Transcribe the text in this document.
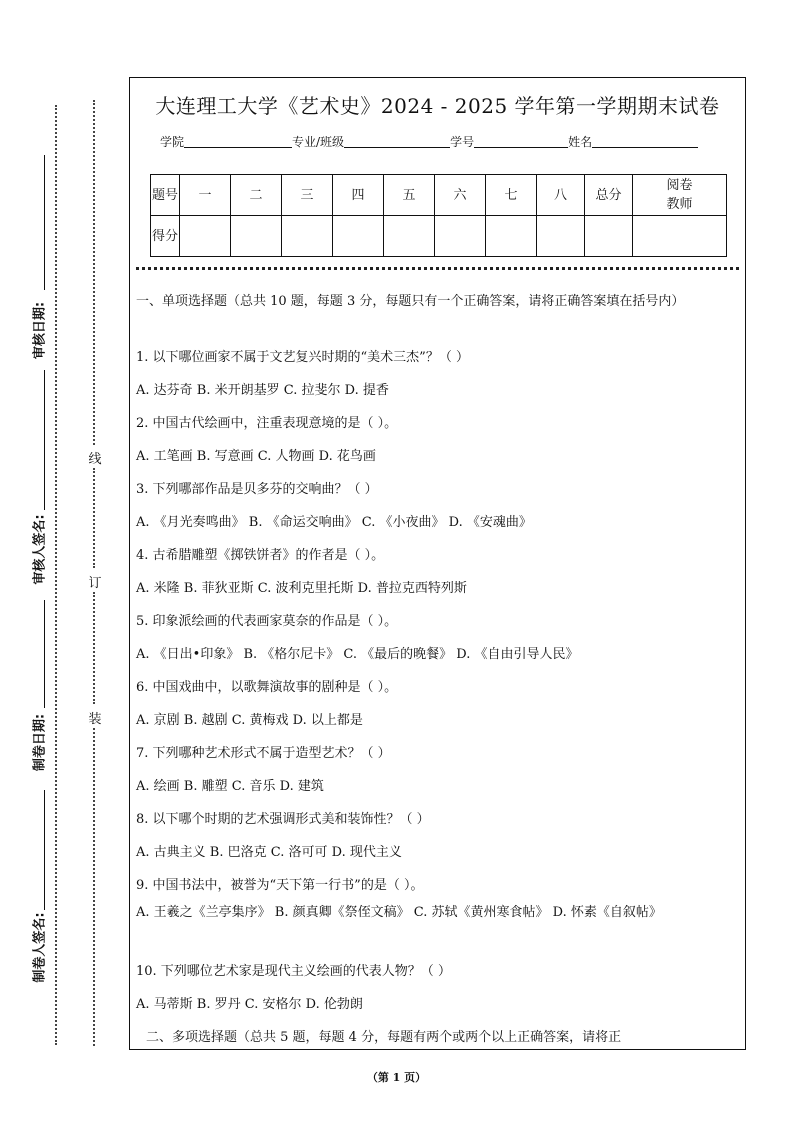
审核日期:
审核人签名:
制卷日期:
制卷人签名:
线
订
装
大连理工大学《艺术史》2024 - 2025 学年第一学期期末试卷
学院	专业/班级	学号	姓名
题号	一	二	三	四	五	六	七	八	总分	阅卷教师
得分										
一、单项选择题（总共 10 题，每题 3 分，每题只有一个正确答案，请将正确答案填在括号内）
1. 以下哪位画家不属于文艺复兴时期的“美术三杰”？（ ）
A. 达芬奇 B. 米开朗基罗 C. 拉斐尔 D. 提香
2. 中国古代绘画中，注重表现意境的是（ ）。
A. 工笔画 B. 写意画 C. 人物画 D. 花鸟画
3. 下列哪部作品是贝多芬的交响曲？（ ）
A. 《月光奏鸣曲》 B. 《命运交响曲》 C. 《小夜曲》 D. 《安魂曲》
4. 古希腊雕塑《掷铁饼者》的作者是（ ）。
A. 米隆 B. 菲狄亚斯 C. 波利克里托斯 D. 普拉克西特列斯
5. 印象派绘画的代表画家莫奈的作品是（ ）。
A. 《日出•印象》 B. 《格尔尼卡》 C. 《最后的晚餐》 D. 《自由引导人民》
6. 中国戏曲中，以歌舞演故事的剧种是（ ）。
A. 京剧 B. 越剧 C. 黄梅戏 D. 以上都是
7. 下列哪种艺术形式不属于造型艺术？（ ）
A. 绘画 B. 雕塑 C. 音乐 D. 建筑
8. 以下哪个时期的艺术强调形式美和装饰性？（ ）
A. 古典主义 B. 巴洛克 C. 洛可可 D. 现代主义
9. 中国书法中，被誉为“天下第一行书”的是（ ）。
A. 王羲之《兰亭集序》 B. 颜真卿《祭侄文稿》 C. 苏轼《黄州寒食帖》 D. 怀素《自叙帖》
10. 下列哪位艺术家是现代主义绘画的代表人物？（ ）
A. 马蒂斯 B. 罗丹 C. 安格尔 D. 伦勃朗
二、多项选择题（总共 5 题，每题 4 分，每题有两个或两个以上正确答案，请将正
（第 1 页）
